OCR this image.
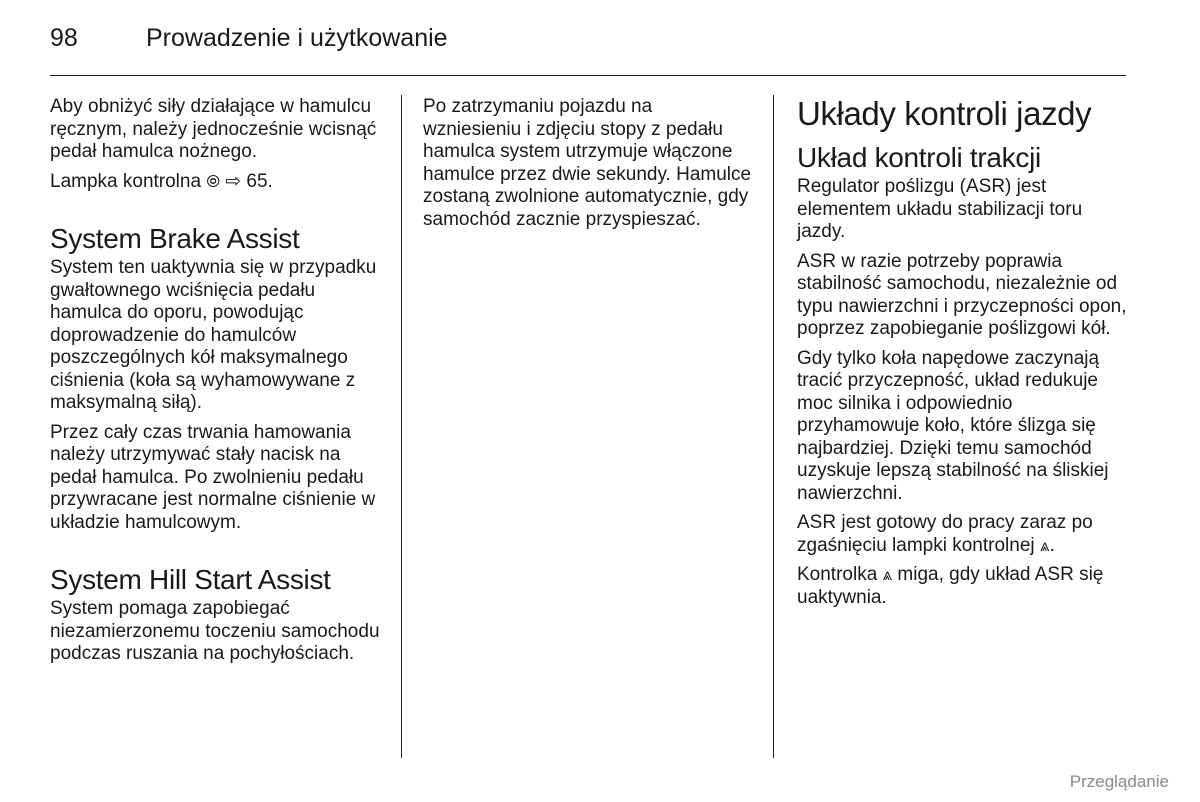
98	Prowadzenie i użytkowanie

Aby obniżyć siły działające w hamulcu ręcznym, należy jednocześnie wcisnąć pedał hamulca nożnego.

Lampka kontrolna ⦾ ⇨ 65.

System Brake Assist

System ten uaktywnia się w przypadku gwałtownego wciśnięcia pedału hamulca do oporu, powodując doprowadzenie do hamulców poszczególnych kół maksymalnego ciśnienia (koła są wyhamowywane z maksymalną siłą).

Przez cały czas trwania hamowania należy utrzymywać stały nacisk na pedał hamulca. Po zwolnieniu pedału przywracane jest normalne ciśnienie w układzie hamulcowym.

System Hill Start Assist

System pomaga zapobiegać niezamierzonemu toczeniu samochodu podczas ruszania na pochyłościach.

Po zatrzymaniu pojazdu na wzniesieniu i zdjęciu stopy z pedału hamulca system utrzymuje włączone hamulce przez dwie sekundy. Hamulce zostaną zwolnione automatycznie, gdy samochód zacznie przyspieszać.

Układy kontroli jazdy
Układ kontroli trakcji

Regulator poślizgu (ASR) jest elementem układu stabilizacji toru jazdy.

ASR w razie potrzeby poprawia stabilność samochodu, niezależnie od typu nawierzchni i przyczepności opon, poprzez zapobieganie poślizgowi kół.

Gdy tylko koła napędowe zaczynają tracić przyczepność, układ redukuje moc silnika i odpowiednio przyhamowuje koło, które ślizga się najbardziej. Dzięki temu samochód uzyskuje lepszą stabilność na śliskiej nawierzchni.

ASR jest gotowy do pracy zaraz po zgaśnięciu lampki kontrolnej ⩓.

Kontrolka ⩓ miga, gdy układ ASR się uaktywnia.

Przeglądanie
